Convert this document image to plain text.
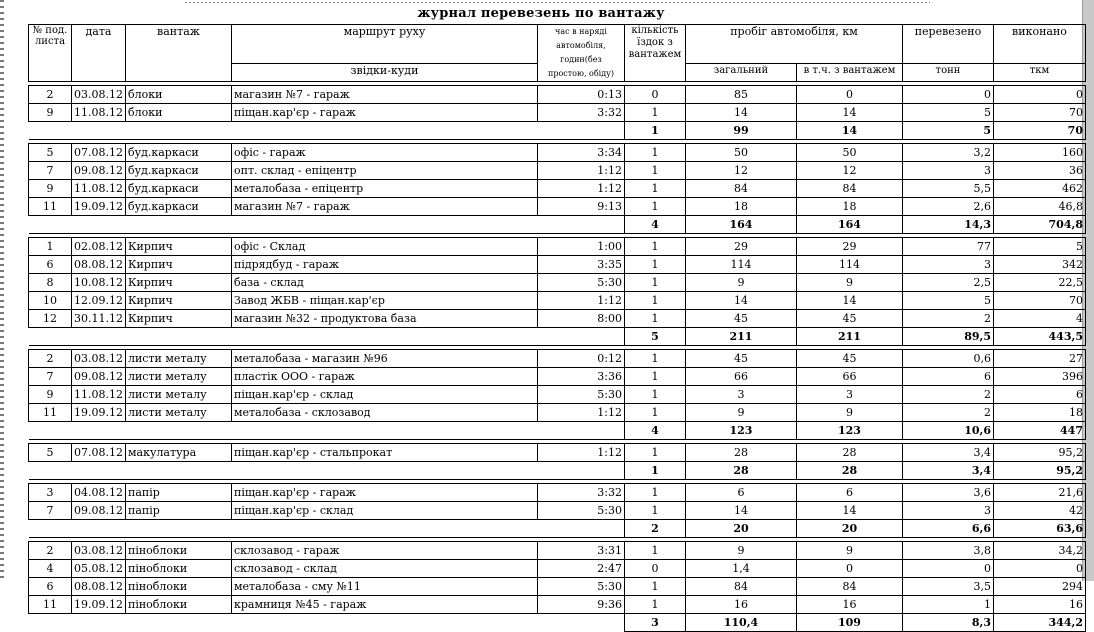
журнал перевезень по вантажу
№ под. листа	дата	вантаж	маршрут руху	час в наряді автомобіля, годин(без простою, обіду)	кількість їздок з вантажем	пробіг автомобіля, км		перевезено	виконано

			звідки-куди			загальний	в т.ч. з вантажем	тонн	ткм

2	03.08.12	блоки	магазин №7 - гараж	0:13	0	85	0	0	0
9	11.08.12	блоки	піщан.кар'єр - гараж	3:32	1	14	14	5	70
					1	99	14	5	70

5	07.08.12	буд.каркаси	офіс - гараж	3:34	1	50	50	3,2	160
7	09.08.12	буд.каркаси	опт. склад - епіцентр	1:12	1	12	12	3	36
9	11.08.12	буд.каркаси	металобаза - епіцентр	1:12	1	84	84	5,5	462
11	19.09.12	буд.каркаси	магазин №7 - гараж	9:13	1	18	18	2,6	46,8
					4	164	164	14,3	704,8

1	02.08.12	Кирпич	офіс - Склад	1:00	1	29	29	77	5
6	08.08.12	Кирпич	підрядбуд - гараж	3:35	1	114	114	3	342
8	10.08.12	Кирпич	база - склад	5:30	1	9	9	2,5	22,5
10	12.09.12	Кирпич	Завод ЖБВ - піщан.кар'єр	1:12	1	14	14	5	70
12	30.11.12	Кирпич	магазин №32 - продуктова база	8:00	1	45	45	2	4
					5	211	211	89,5	443,5

2	03.08.12	листи металу	металобаза - магазин №96	0:12	1	45	45	0,6	27
7	09.08.12	листи металу	пластік ООО - гараж	3:36	1	66	66	6	396
9	11.08.12	листи металу	піщан.кар'єр - склад	5:30	1	3	3	2	6
11	19.09.12	листи металу	металобаза - склозавод	1:12	1	9	9	2	18
					4	123	123	10,6	447

5	07.08.12	макулатура	піщан.кар'єр - стальпрокат	1:12	1	28	28	3,4	95,2
					1	28	28	3,4	95,2

3	04.08.12	папір	піщан.кар'єр - гараж	3:32	1	6	6	3,6	21,6
7	09.08.12	папір	піщан.кар'єр - склад	5:30	1	14	14	3	42
					2	20	20	6,6	63,6

2	03.08.12	піноблоки	склозавод - гараж	3:31	1	9	9	3,8	34,2
4	05.08.12	піноблоки	склозавод - склад	2:47	0	1,4	0	0	0
6	08.08.12	піноблоки	металобаза - сму №11	5:30	1	84	84	3,5	294
11	19.09.12	піноблоки	крамниця №45 - гараж	9:36	1	16	16	1	16
					3	110,4	109	8,3	344,2
